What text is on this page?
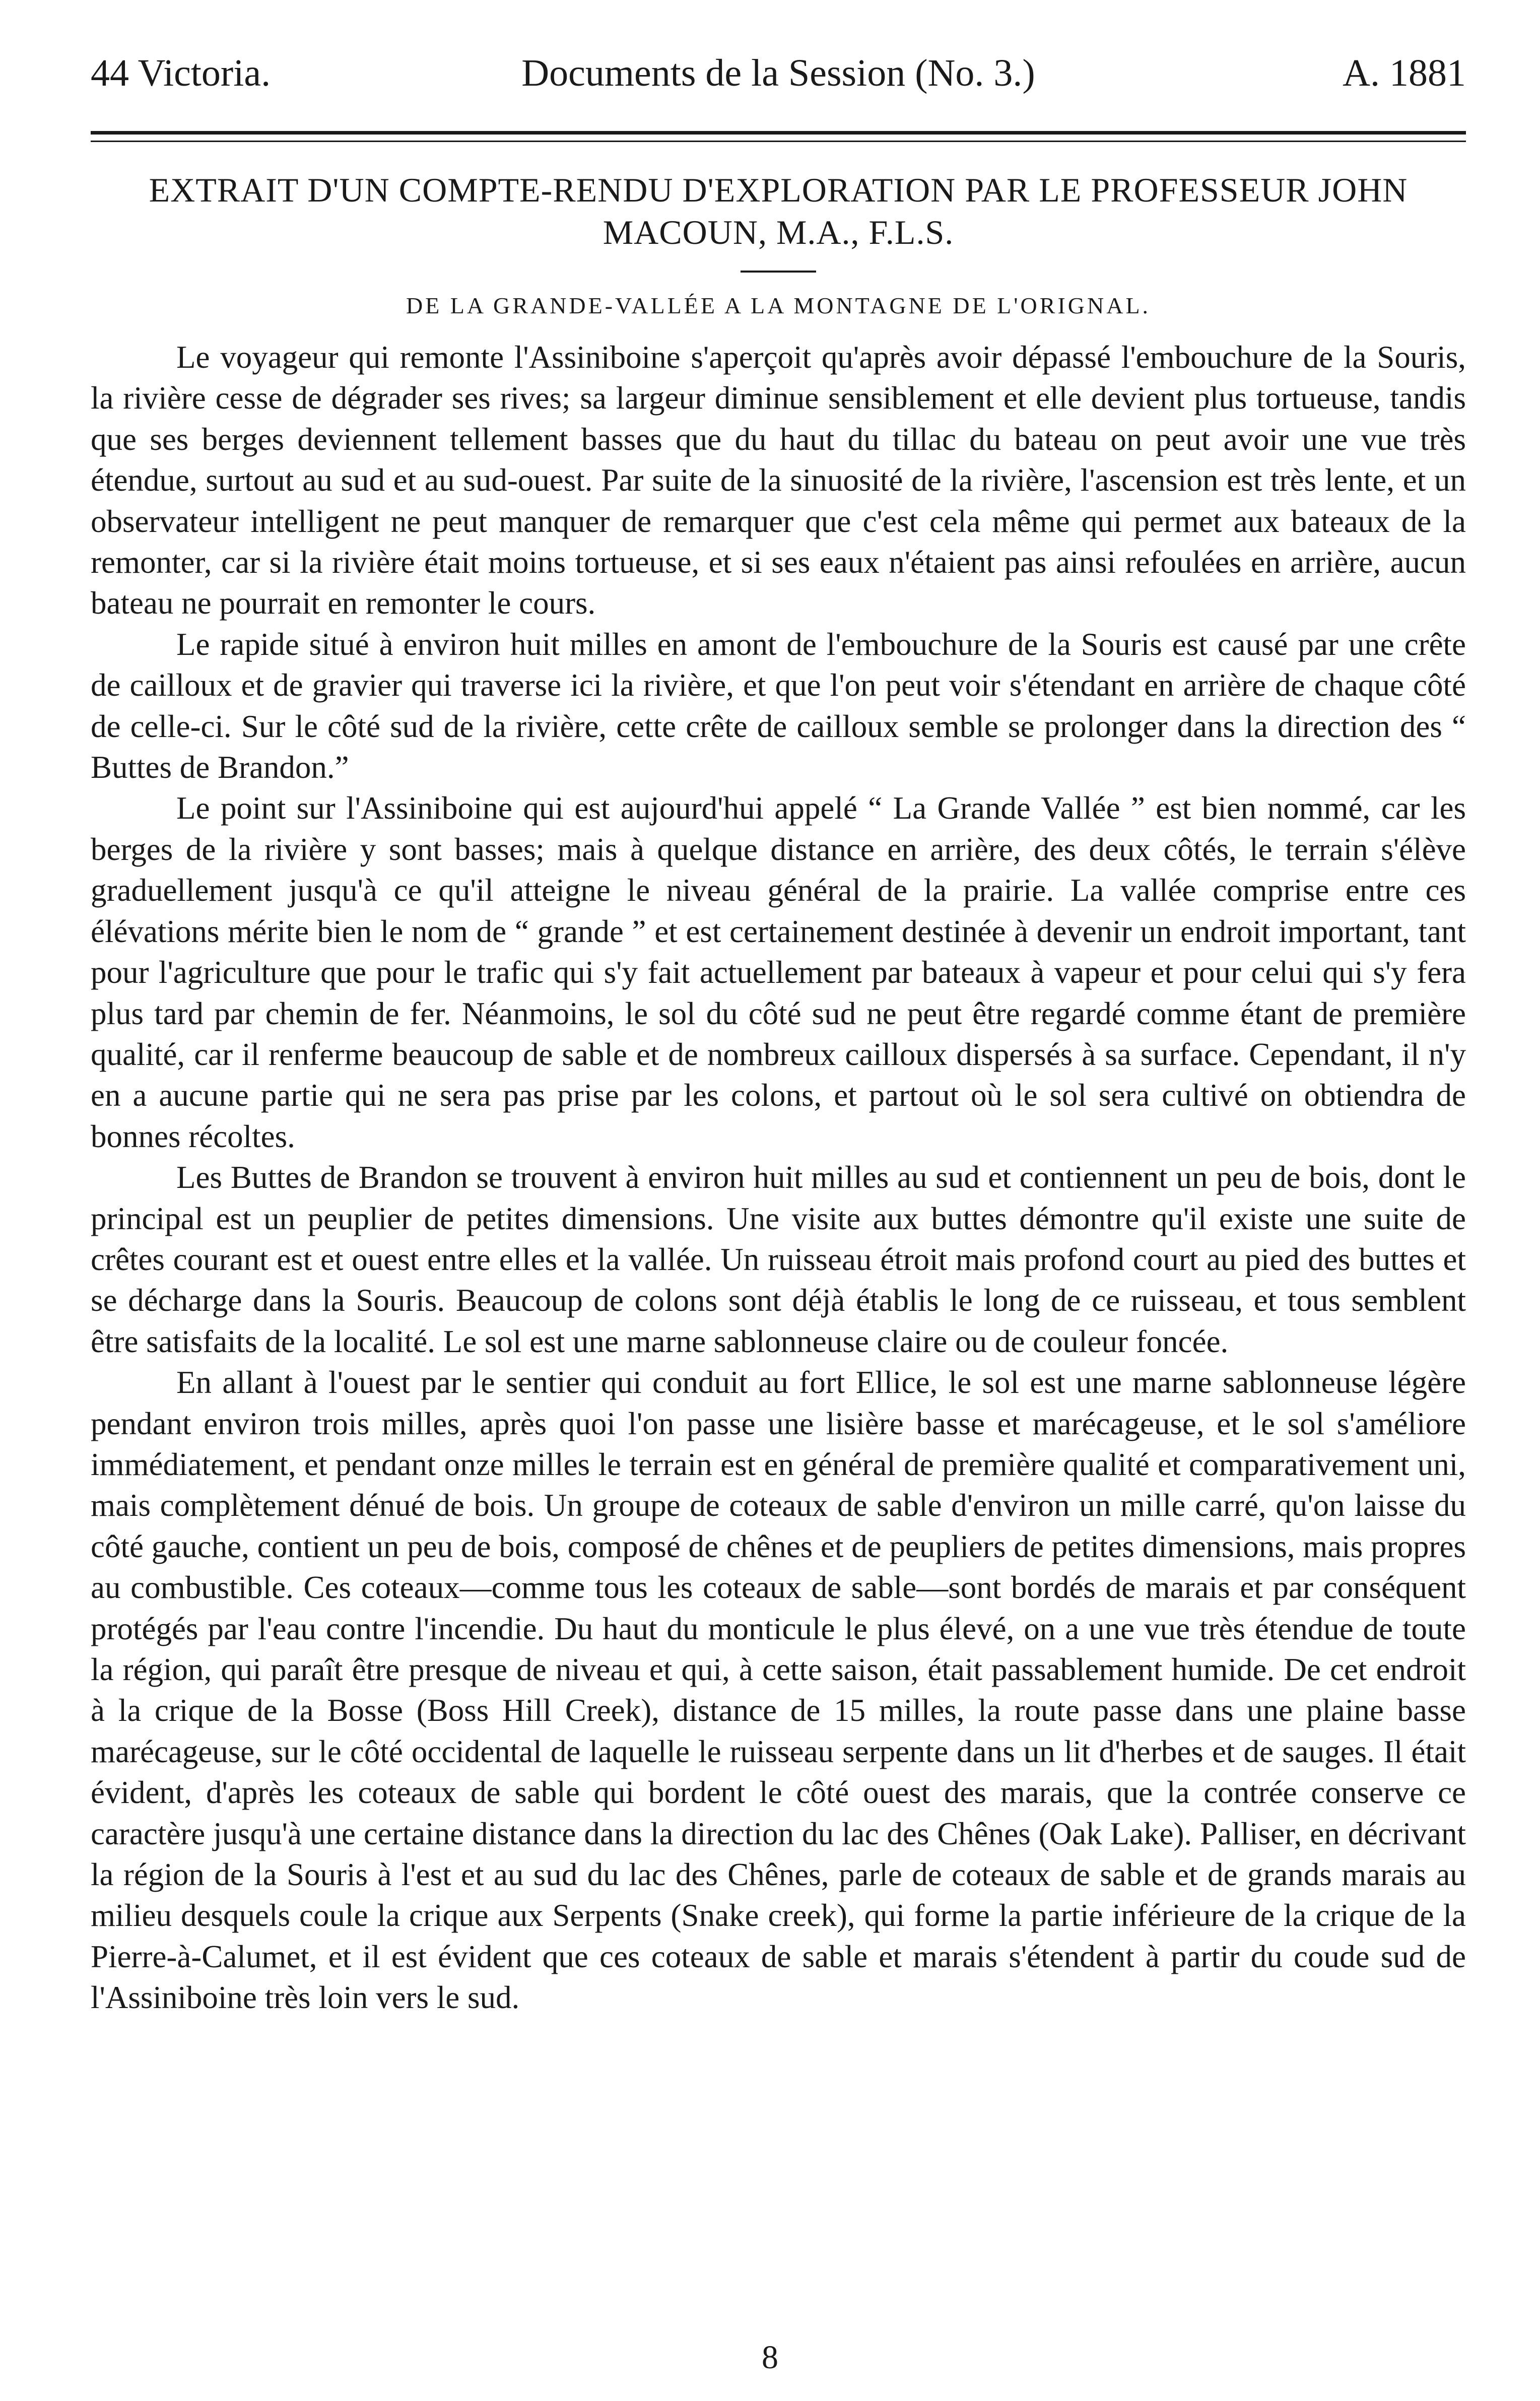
44 Victoria.	Documents de la Session (No. 3.)	A. 1881
EXTRAIT D'UN COMPTE-RENDU D'EXPLORATION PAR LE PROFESSEUR JOHN MACOUN, M.A., F.L.S.
DE LA GRANDE-VALLÉE A LA MONTAGNE DE L'ORIGNAL.

Le voyageur qui remonte l'Assiniboine s'aperçoit qu'après avoir dépassé l'embouchure de la Souris, la rivière cesse de dégrader ses rives; sa largeur diminue sensiblement et elle devient plus tortueuse, tandis que ses berges deviennent tellement basses que du haut du tillac du bateau on peut avoir une vue très étendue, surtout au sud et au sud-ouest. Par suite de la sinuosité de la rivière, l'ascension est très lente, et un observateur intelligent ne peut manquer de remarquer que c'est cela même qui permet aux bateaux de la remonter, car si la rivière était moins tortueuse, et si ses eaux n'étaient pas ainsi refoulées en arrière, aucun bateau ne pourrait en remonter le cours.

Le rapide situé à environ huit milles en amont de l'embouchure de la Souris est causé par une crête de cailloux et de gravier qui traverse ici la rivière, et que l'on peut voir s'étendant en arrière de chaque côté de celle-ci. Sur le côté sud de la rivière, cette crête de cailloux semble se prolonger dans la direction des “ Buttes de Brandon.”

Le point sur l'Assiniboine qui est aujourd'hui appelé “ La Grande Vallée ” est bien nommé, car les berges de la rivière y sont basses; mais à quelque distance en arrière, des deux côtés, le terrain s'élève graduellement jusqu'à ce qu'il atteigne le niveau général de la prairie. La vallée comprise entre ces élévations mérite bien le nom de “ grande ” et est certainement destinée à devenir un endroit important, tant pour l'agriculture que pour le trafic qui s'y fait actuellement par bateaux à vapeur et pour celui qui s'y fera plus tard par chemin de fer. Néanmoins, le sol du côté sud ne peut être regardé comme étant de première qualité, car il renferme beaucoup de sable et de nombreux cailloux dispersés à sa surface. Cependant, il n'y en a aucune partie qui ne sera pas prise par les colons, et partout où le sol sera cultivé on obtiendra de bonnes récoltes.

Les Buttes de Brandon se trouvent à environ huit milles au sud et contiennent un peu de bois, dont le principal est un peuplier de petites dimensions. Une visite aux buttes démontre qu'il existe une suite de crêtes courant est et ouest entre elles et la vallée. Un ruisseau étroit mais profond court au pied des buttes et se décharge dans la Souris. Beaucoup de colons sont déjà établis le long de ce ruisseau, et tous semblent être satisfaits de la localité. Le sol est une marne sablonneuse claire ou de couleur foncée.

En allant à l'ouest par le sentier qui conduit au fort Ellice, le sol est une marne sablonneuse légère pendant environ trois milles, après quoi l'on passe une lisière basse et marécageuse, et le sol s'améliore immédiatement, et pendant onze milles le terrain est en général de première qualité et comparativement uni, mais complètement dénué de bois. Un groupe de coteaux de sable d'environ un mille carré, qu'on laisse du côté gauche, contient un peu de bois, composé de chênes et de peupliers de petites dimensions, mais propres au combustible. Ces coteaux—comme tous les coteaux de sable—sont bordés de marais et par conséquent protégés par l'eau contre l'incendie. Du haut du monticule le plus élevé, on a une vue très étendue de toute la région, qui paraît être presque de niveau et qui, à cette saison, était passablement humide. De cet endroit à la crique de la Bosse (Boss Hill Creek), distance de 15 milles, la route passe dans une plaine basse marécageuse, sur le côté occidental de laquelle le ruisseau serpente dans un lit d'herbes et de sauges. Il était évident, d'après les coteaux de sable qui bordent le côté ouest des marais, que la contrée conserve ce caractère jusqu'à une certaine distance dans la direction du lac des Chênes (Oak Lake). Palliser, en décrivant la région de la Souris à l'est et au sud du lac des Chênes, parle de coteaux de sable et de grands marais au milieu desquels coule la crique aux Serpents (Snake creek), qui forme la partie inférieure de la crique de la Pierre-à-Calumet, et il est évident que ces coteaux de sable et marais s'étendent à partir du coude sud de l'Assiniboine très loin vers le sud.

8
